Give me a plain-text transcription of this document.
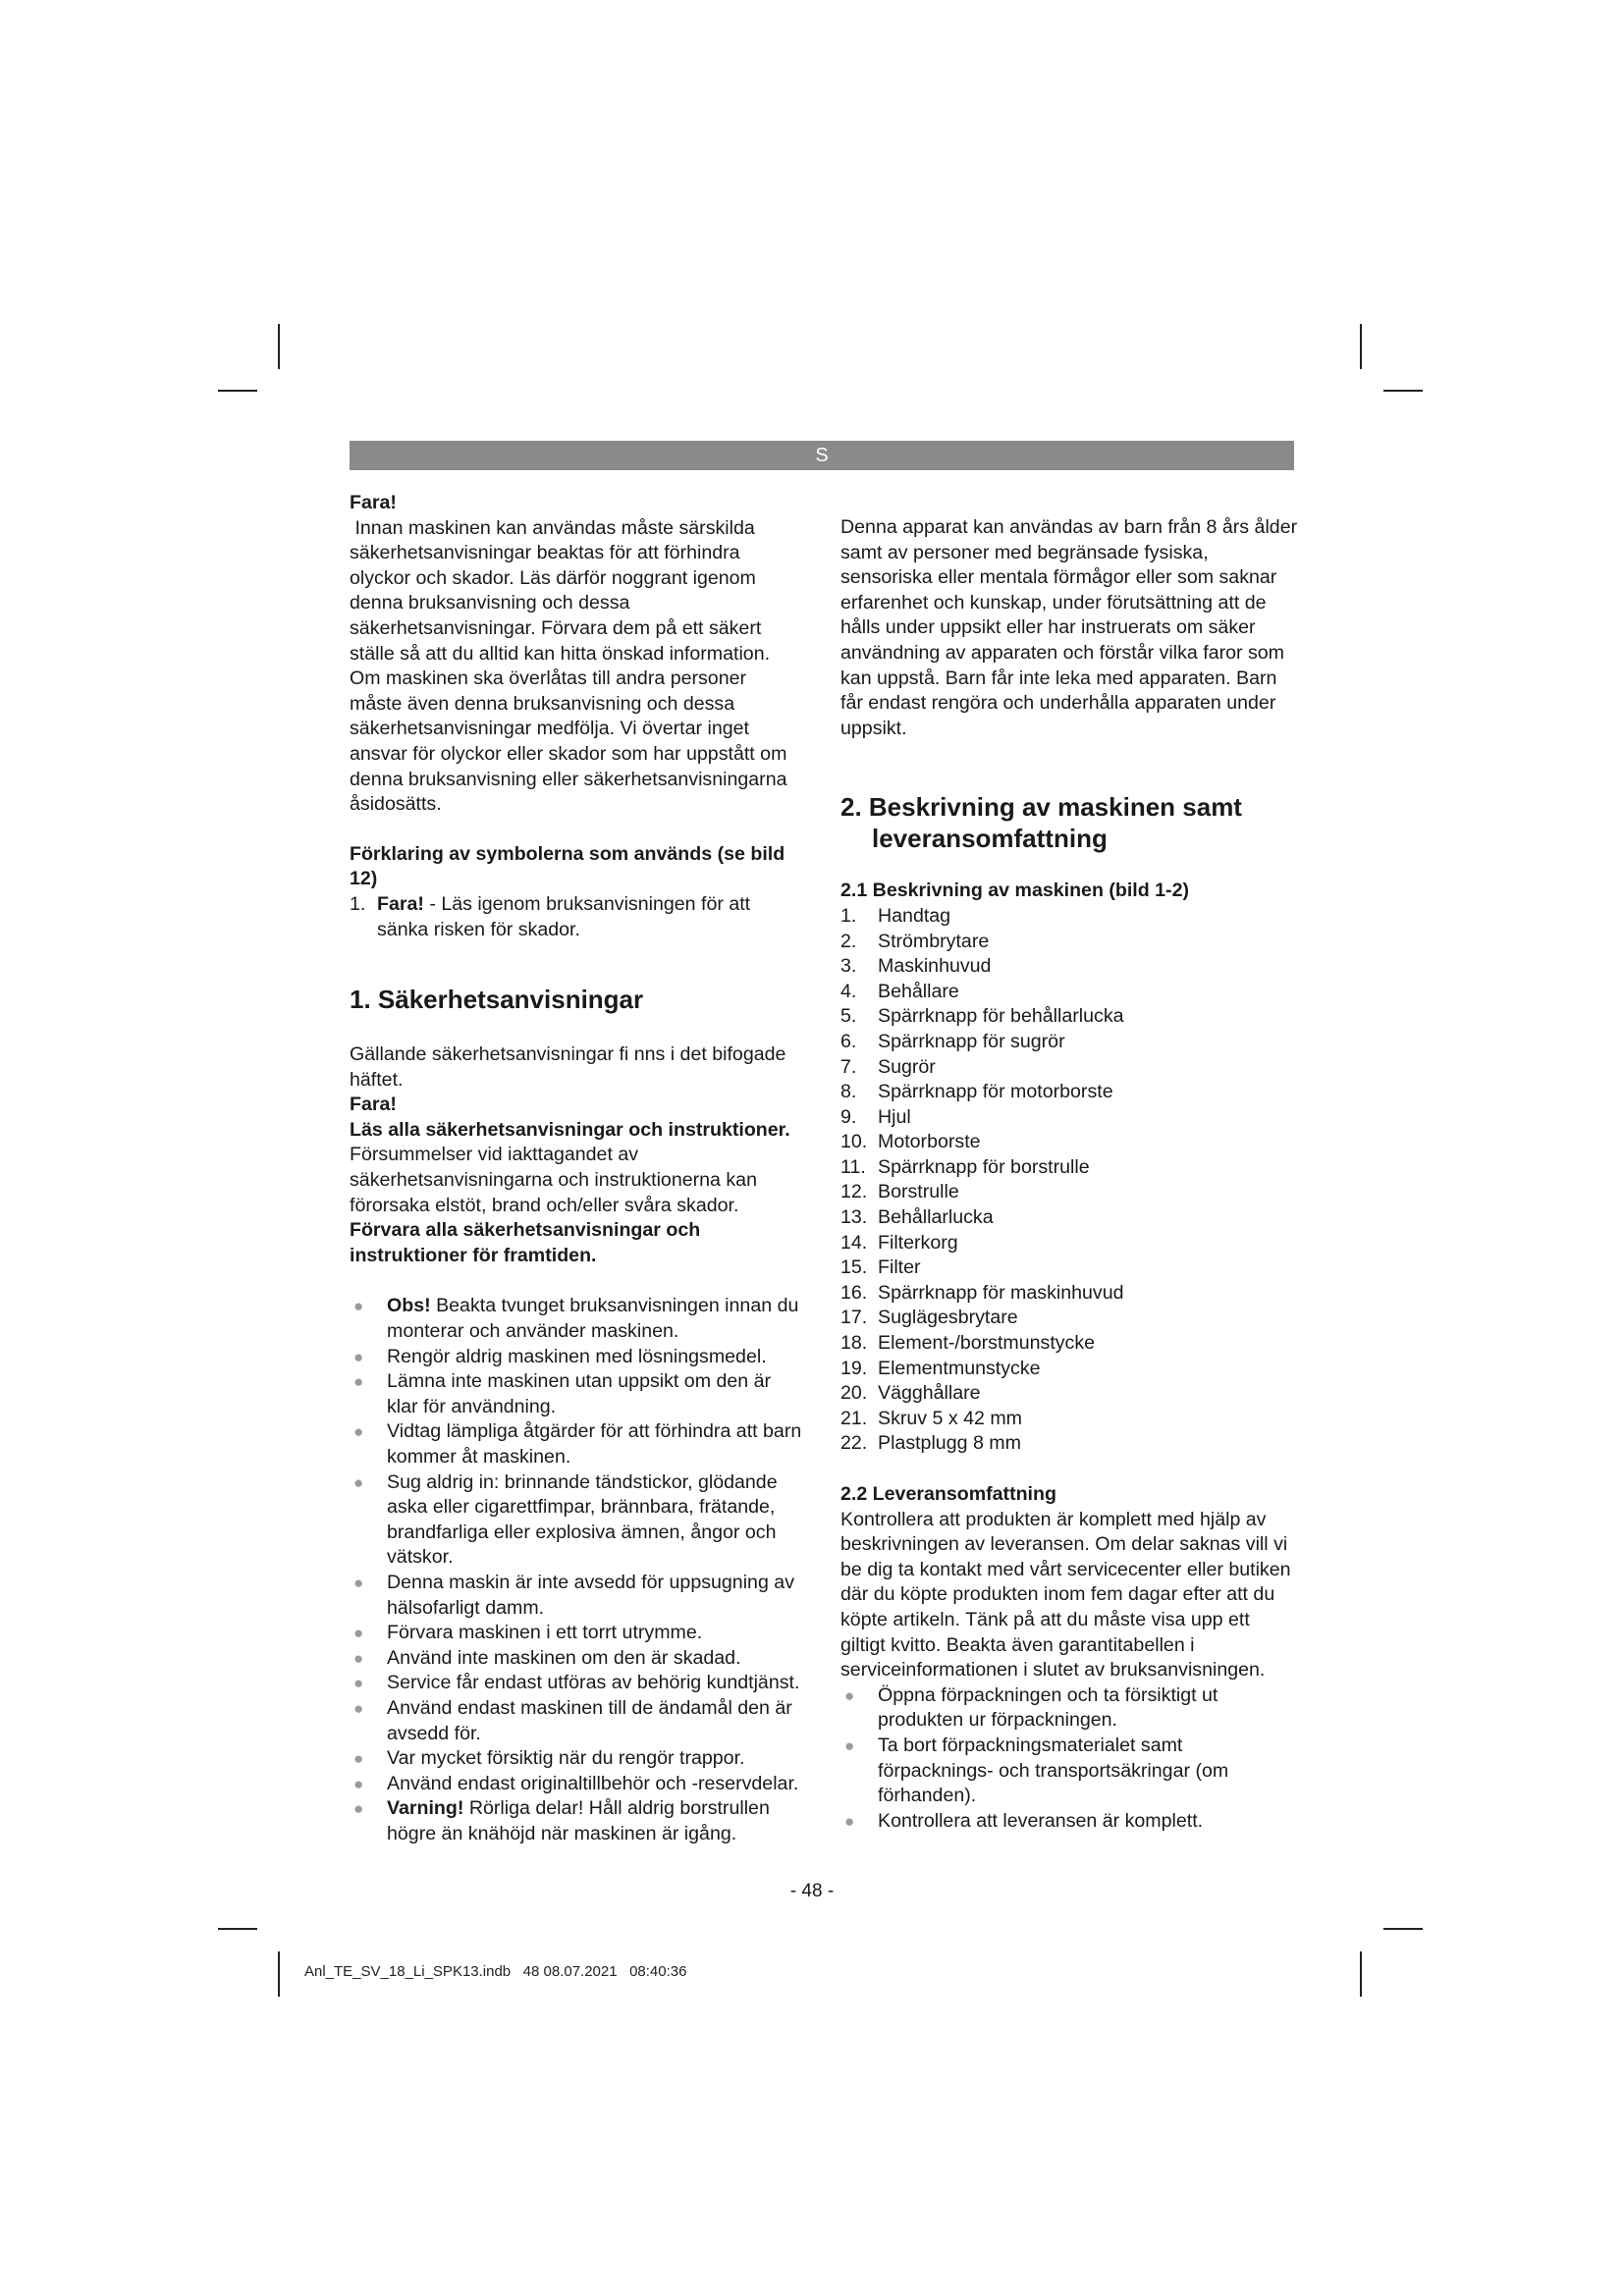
S

Fara!

Innan maskinen kan användas måste särskilda säkerhetsanvisningar beaktas för att förhindra olyckor och skador. Läs därför noggrant igenom denna bruksanvisning och dessa säkerhetsanvisningar. Förvara dem på ett säkert ställe så att du alltid kan hitta önskad information. Om maskinen ska överlåtas till andra personer måste även denna bruksanvisning och dessa säkerhetsanvisningar medfölja. Vi övertar inget ansvar för olyckor eller skador som har uppstått om denna bruksanvisning eller säkerhetsanvisningarna åsidosätts.

Förklaring av symbolerna som används (se bild 12)

1. Fara! - Läs igenom bruksanvisningen för att sänka risken för skador.

1. Säkerhetsanvisningar

Gällande säkerhetsanvisningar fi nns i det bifogade häftet.

Fara!

Läs alla säkerhetsanvisningar och instruktioner. Försummelser vid iakttagandet av säkerhetsanvisningarna och instruktionerna kan förorsaka elstöt, brand och/eller svåra skador. Förvara alla säkerhetsanvisningar och instruktioner för framtiden.

● Obs! Beakta tvunget bruksanvisningen innan du monterar och använder maskinen.
● Rengör aldrig maskinen med lösningsmedel.
● Lämna inte maskinen utan uppsikt om den är klar för användning.
● Vidtag lämpliga åtgärder för att förhindra att barn kommer åt maskinen.
● Sug aldrig in: brinnande tändstickor, glödande aska eller cigarettfimpar, brännbara, frätande, brandfarliga eller explosiva ämnen, ångor och vätskor.
● Denna maskin är inte avsedd för uppsugning av hälsofarligt damm.
● Förvara maskinen i ett torrt utrymme.
● Använd inte maskinen om den är skadad.
● Service får endast utföras av behörig kundtjänst.
● Använd endast maskinen till de ändamål den är avsedd för.
● Var mycket försiktig när du rengör trappor.
● Använd endast originaltillbehör och -reservdelar.
● Varning! Rörliga delar! Håll aldrig borstrullen högre än knähöjd när maskinen är igång.

Denna apparat kan användas av barn från 8 års ålder samt av personer med begränsade fysiska, sensoriska eller mentala förmågor eller som saknar erfarenhet och kunskap, under förutsättning att de hålls under uppsikt eller har instruerats om säker användning av apparaten och förstår vilka faror som kan uppstå. Barn får inte leka med apparaten. Barn får endast rengöra och underhålla apparaten under uppsikt.

2. Beskrivning av maskinen samt leveransomfattning

2.1 Beskrivning av maskinen (bild 1-2)

1.	Handtag
2.	Strömbrytare
3.	Maskinhuvud
4.	Behållare
5.	Spärrknapp för behållarlucka
6.	Spärrknapp för sugrör
7.	Sugrör
8.	Spärrknapp för motorborste
9.	Hjul
10. Motorborste
11. Spärrknapp för borstrulle
12. Borstrulle
13. Behållarlucka
14. Filterkorg
15. Filter
16. Spärrknapp för maskinhuvud
17. Suglägesbrytare
18. Element-/borstmunstycke
19. Elementmunstycke
20. Vägghållare
21. Skruv 5 x 42 mm
22. Plastplugg 8 mm

2.2 Leveransomfattning

Kontrollera att produkten är komplett med hjälp av beskrivningen av leveransen. Om delar saknas vill vi be dig ta kontakt med vårt servicecenter eller butiken där du köpte produkten inom fem dagar efter att du köpte artikeln. Tänk på att du måste visa upp ett giltigt kvitto. Beakta även garantitabellen i serviceinformationen i slutet av bruksanvisningen.

● Öppna förpackningen och ta försiktigt ut produkten ur förpackningen.
● Ta bort förpackningsmaterialet samt förpacknings- och transportsäkringar (om förhanden).
● Kontrollera att leveransen är komplett.
- 48 -
Anl_TE_SV_18_Li_SPK13.indb   48 08.07.2021   08:40:36
